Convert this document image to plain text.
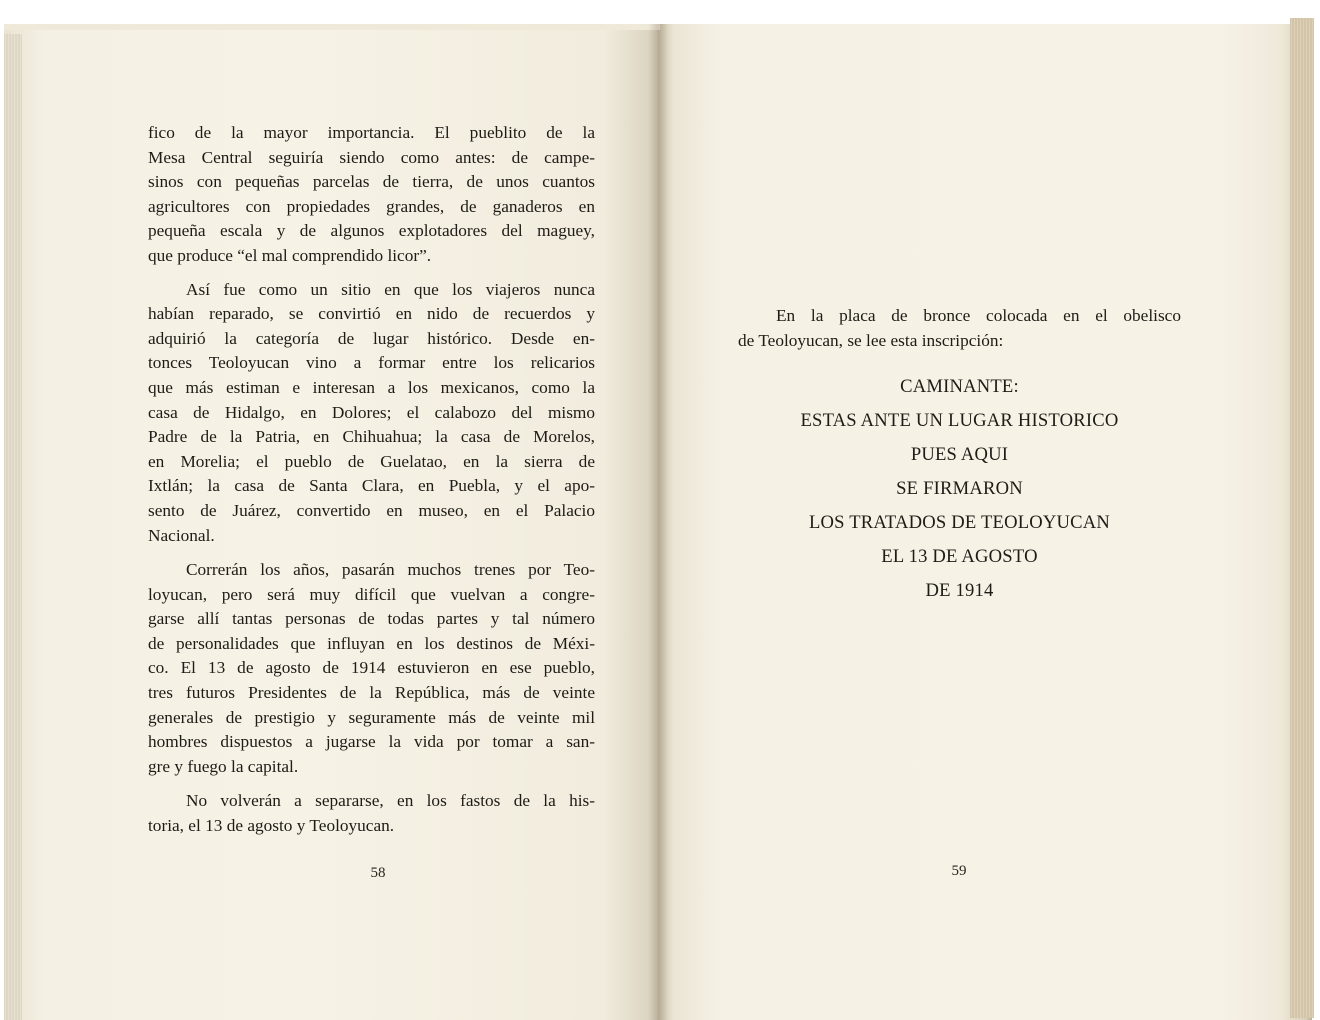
fico de la mayor importancia. El pueblito de la
Mesa Central seguiría siendo como antes: de campe-
sinos con pequeñas parcelas de tierra, de unos cuantos
agricultores con propiedades grandes, de ganaderos en
pequeña escala y de algunos explotadores del maguey,
que produce “el mal comprendido licor”.

Así fue como un sitio en que los viajeros nunca
habían reparado, se convirtió en nido de recuerdos y
adquirió la categoría de lugar histórico. Desde en-
tonces Teoloyucan vino a formar entre los relicarios
que más estiman e interesan a los mexicanos, como la
casa de Hidalgo, en Dolores; el calabozo del mismo
Padre de la Patria, en Chihuahua; la casa de Morelos,
en Morelia; el pueblo de Guelatao, en la sierra de
Ixtlán; la casa de Santa Clara, en Puebla, y el apo-
sento de Juárez, convertido en museo, en el Palacio
Nacional.

Correrán los años, pasarán muchos trenes por Teo-
loyucan, pero será muy difícil que vuelvan a congre-
garse allí tantas personas de todas partes y tal número
de personalidades que influyan en los destinos de Méxi-
co. El 13 de agosto de 1914 estuvieron en ese pueblo,
tres futuros Presidentes de la República, más de veinte
generales de prestigio y seguramente más de veinte mil
hombres dispuestos a jugarse la vida por tomar a san-
gre y fuego la capital.

No volverán a separarse, en los fastos de la his-
toria, el 13 de agosto y Teoloyucan.

58

En la placa de bronce colocada en el obelisco
de Teoloyucan, se lee esta inscripción:

CAMINANTE:
ESTAS ANTE UN LUGAR HISTORICO
PUES AQUI
SE FIRMARON
LOS TRATADOS DE TEOLOYUCAN
EL 13 DE AGOSTO
DE 1914
59
